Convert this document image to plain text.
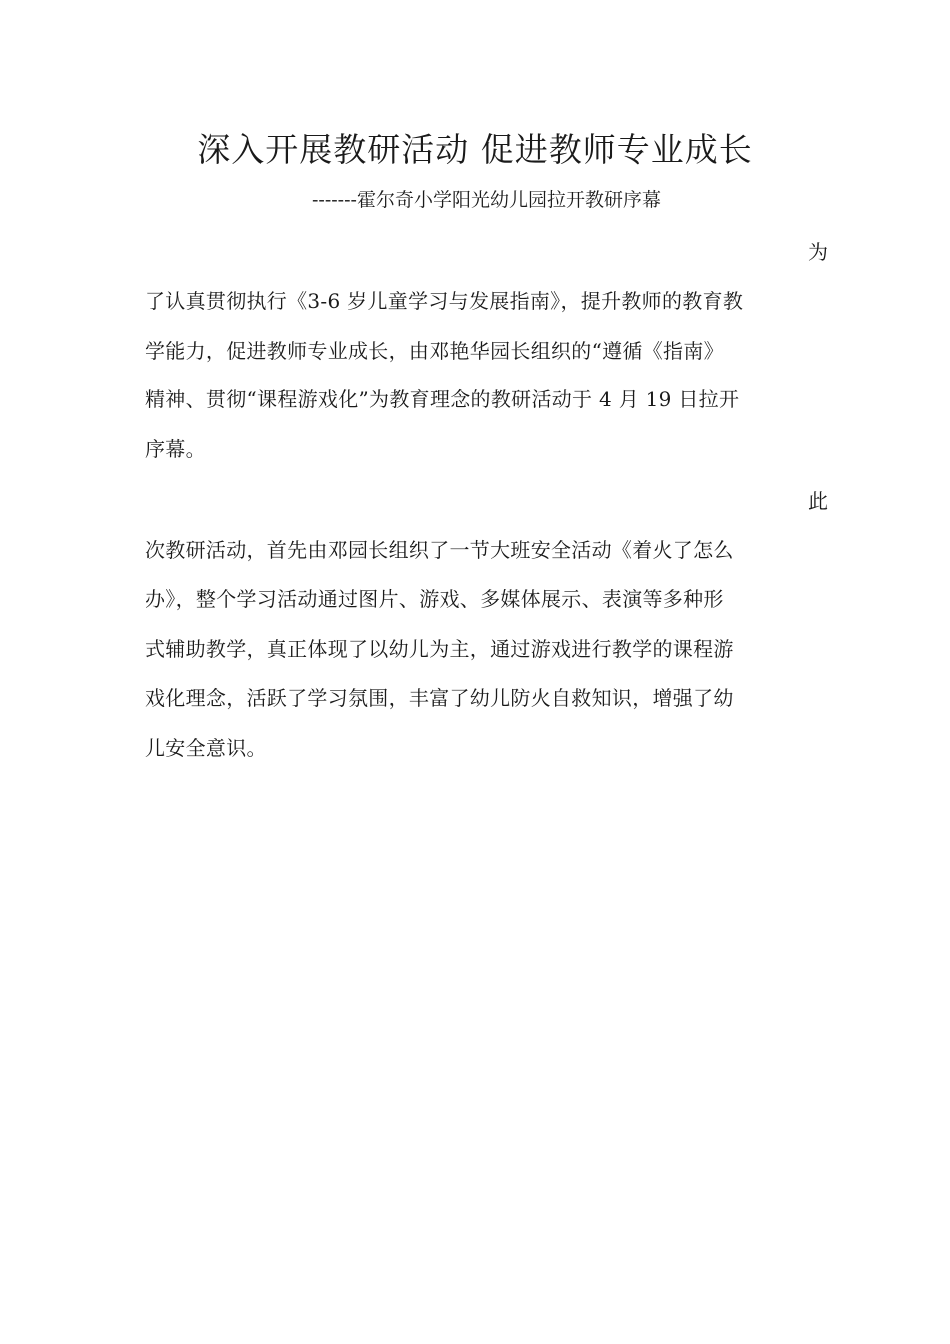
深入开展教研活动 促进教师专业成长
-------霍尔奇小学阳光幼儿园拉开教研序幕
为
了认真贯彻执行《3-6 岁儿童学习与发展指南》，提升教师的教育教
学能力，促进教师专业成长，由邓艳华园长组织的“遵循《指南》
精神、贯彻“课程游戏化”为教育理念的教研活动于 4 月 19 日拉开
序幕。
此
次教研活动，首先由邓园长组织了一节大班安全活动《着火了怎么
办》，整个学习活动通过图片、游戏、多媒体展示、表演等多种形
式辅助教学，真正体现了以幼儿为主，通过游戏进行教学的课程游
戏化理念，活跃了学习氛围，丰富了幼儿防火自救知识，增强了幼
儿安全意识。
